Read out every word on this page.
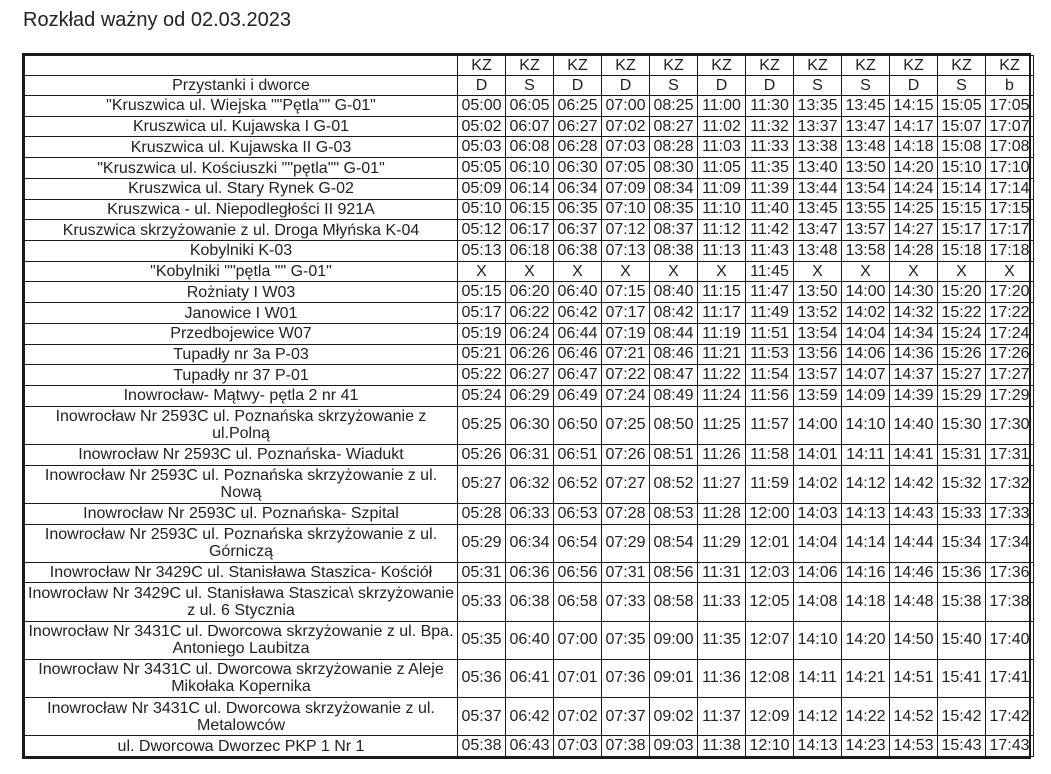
Rozkład ważny od 02.03.2023
	KZ	KZ	KZ	KZ	KZ	KZ	KZ	KZ	KZ	KZ	KZ	KZ
Przystanki i dworce	D	S	D	D	S	D	D	S	S	D	S	b
"Kruszwica ul. Wiejska ""Pętla"" G-01"	05:00	06:05	06:25	07:00	08:25	11:00	11:30	13:35	13:45	14:15	15:05	17:05
Kruszwica ul. Kujawska I G-01	05:02	06:07	06:27	07:02	08:27	11:02	11:32	13:37	13:47	14:17	15:07	17:07
Kruszwica ul. Kujawska II G-03	05:03	06:08	06:28	07:03	08:28	11:03	11:33	13:38	13:48	14:18	15:08	17:08
"Kruszwica ul. Kościuszki ""pętla"" G-01"	05:05	06:10	06:30	07:05	08:30	11:05	11:35	13:40	13:50	14:20	15:10	17:10
Kruszwica ul. Stary Rynek G-02	05:09	06:14	06:34	07:09	08:34	11:09	11:39	13:44	13:54	14:24	15:14	17:14
Kruszwica - ul. Niepodległości II 921A	05:10	06:15	06:35	07:10	08:35	11:10	11:40	13:45	13:55	14:25	15:15	17:15
Kruszwica skrzyżowanie z ul. Droga Młyńska K-04	05:12	06:17	06:37	07:12	08:37	11:12	11:42	13:47	13:57	14:27	15:17	17:17
Kobylniki K-03	05:13	06:18	06:38	07:13	08:38	11:13	11:43	13:48	13:58	14:28	15:18	17:18
"Kobylniki ""pętla "" G-01"	X	X	X	X	X	X	11:45	X	X	X	X	X
Rożniaty I W03	05:15	06:20	06:40	07:15	08:40	11:15	11:47	13:50	14:00	14:30	15:20	17:20
Janowice I W01	05:17	06:22	06:42	07:17	08:42	11:17	11:49	13:52	14:02	14:32	15:22	17:22
Przedbojewice W07	05:19	06:24	06:44	07:19	08:44	11:19	11:51	13:54	14:04	14:34	15:24	17:24
Tupadły nr 3a P-03	05:21	06:26	06:46	07:21	08:46	11:21	11:53	13:56	14:06	14:36	15:26	17:26
Tupadły nr 37 P-01	05:22	06:27	06:47	07:22	08:47	11:22	11:54	13:57	14:07	14:37	15:27	17:27
Inowrocław- Mątwy- pętla 2 nr 41	05:24	06:29	06:49	07:24	08:49	11:24	11:56	13:59	14:09	14:39	15:29	17:29
Inowrocław Nr 2593C ul. Poznańska skrzyżowanie z ul.Polną	05:25	06:30	06:50	07:25	08:50	11:25	11:57	14:00	14:10	14:40	15:30	17:30
Inowrocław Nr 2593C ul. Poznańska- Wiadukt	05:26	06:31	06:51	07:26	08:51	11:26	11:58	14:01	14:11	14:41	15:31	17:31
Inowrocław Nr 2593C ul. Poznańska skrzyżowanie z ul. Nową	05:27	06:32	06:52	07:27	08:52	11:27	11:59	14:02	14:12	14:42	15:32	17:32
Inowrocław Nr 2593C ul. Poznańska- Szpital	05:28	06:33	06:53	07:28	08:53	11:28	12:00	14:03	14:13	14:43	15:33	17:33
Inowrocław Nr 2593C ul. Poznańska skrzyżowanie z ul. Górniczą	05:29	06:34	06:54	07:29	08:54	11:29	12:01	14:04	14:14	14:44	15:34	17:34
Inowrocław Nr 3429C ul. Stanisława Staszica- Kościół	05:31	06:36	06:56	07:31	08:56	11:31	12:03	14:06	14:16	14:46	15:36	17:36
Inowrocław Nr 3429C ul. Stanisława Staszica\ skrzyżowanie z ul. 6 Stycznia	05:33	06:38	06:58	07:33	08:58	11:33	12:05	14:08	14:18	14:48	15:38	17:38
Inowrocław Nr 3431C ul. Dworcowa skrzyżowanie z ul. Bpa. Antoniego Laubitza	05:35	06:40	07:00	07:35	09:00	11:35	12:07	14:10	14:20	14:50	15:40	17:40
Inowrocław Nr 3431C ul. Dworcowa skrzyżowanie z Aleje Mikołaka Kopernika	05:36	06:41	07:01	07:36	09:01	11:36	12:08	14:11	14:21	14:51	15:41	17:41
Inowrocław Nr 3431C ul. Dworcowa skrzyżowanie z ul. Metalowców	05:37	06:42	07:02	07:37	09:02	11:37	12:09	14:12	14:22	14:52	15:42	17:42
ul. Dworcowa Dworzec PKP 1 Nr 1	05:38	06:43	07:03	07:38	09:03	11:38	12:10	14:13	14:23	14:53	15:43	17:43
